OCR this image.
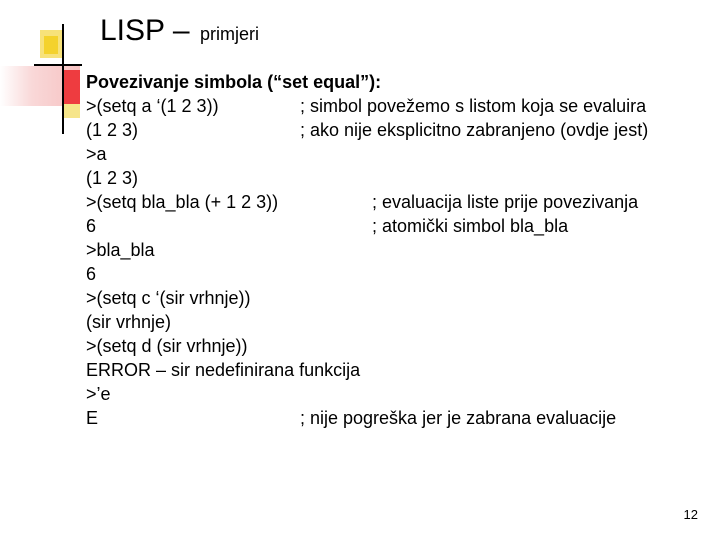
LISP – primjeri
Povezivanje simbola (“set equal”):
>(setq a ‘(1 2 3))	; simbol povežemo s listom koja se evaluira
(1 2 3)	; ako nije eksplicitno zabranjeno (ovdje jest)
>a
(1 2 3)
>(setq bla_bla (+ 1 2 3))	; evaluacija liste prije povezivanja
6	; atomički simbol bla_bla
>bla_bla
6
>(setq c ‘(sir vrhnje))
(sir vrhnje)
>(setq d (sir vrhnje))
ERROR – sir nedefinirana funkcija
>’e
E	; nije pogreška jer je zabrana evaluacije
12
